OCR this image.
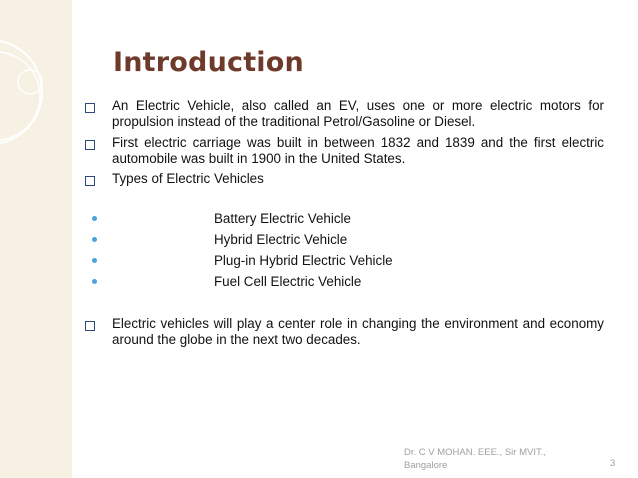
Introduction
An Electric Vehicle, also called an EV, uses one or more electric motors for propulsion instead of the traditional Petrol/Gasoline or Diesel.
First electric carriage was built in between 1832 and 1839 and the first electric automobile was built in 1900 in the United States.
Types of Electric Vehicles
Battery Electric Vehicle
Hybrid Electric Vehicle
Plug-in Hybrid Electric Vehicle
Fuel Cell Electric Vehicle
Electric vehicles will play a center role in changing the environment and economy around the globe in the next two decades.
Dr. C V MOHAN. EEE., Sir MVIT.,
Bangalore	3
